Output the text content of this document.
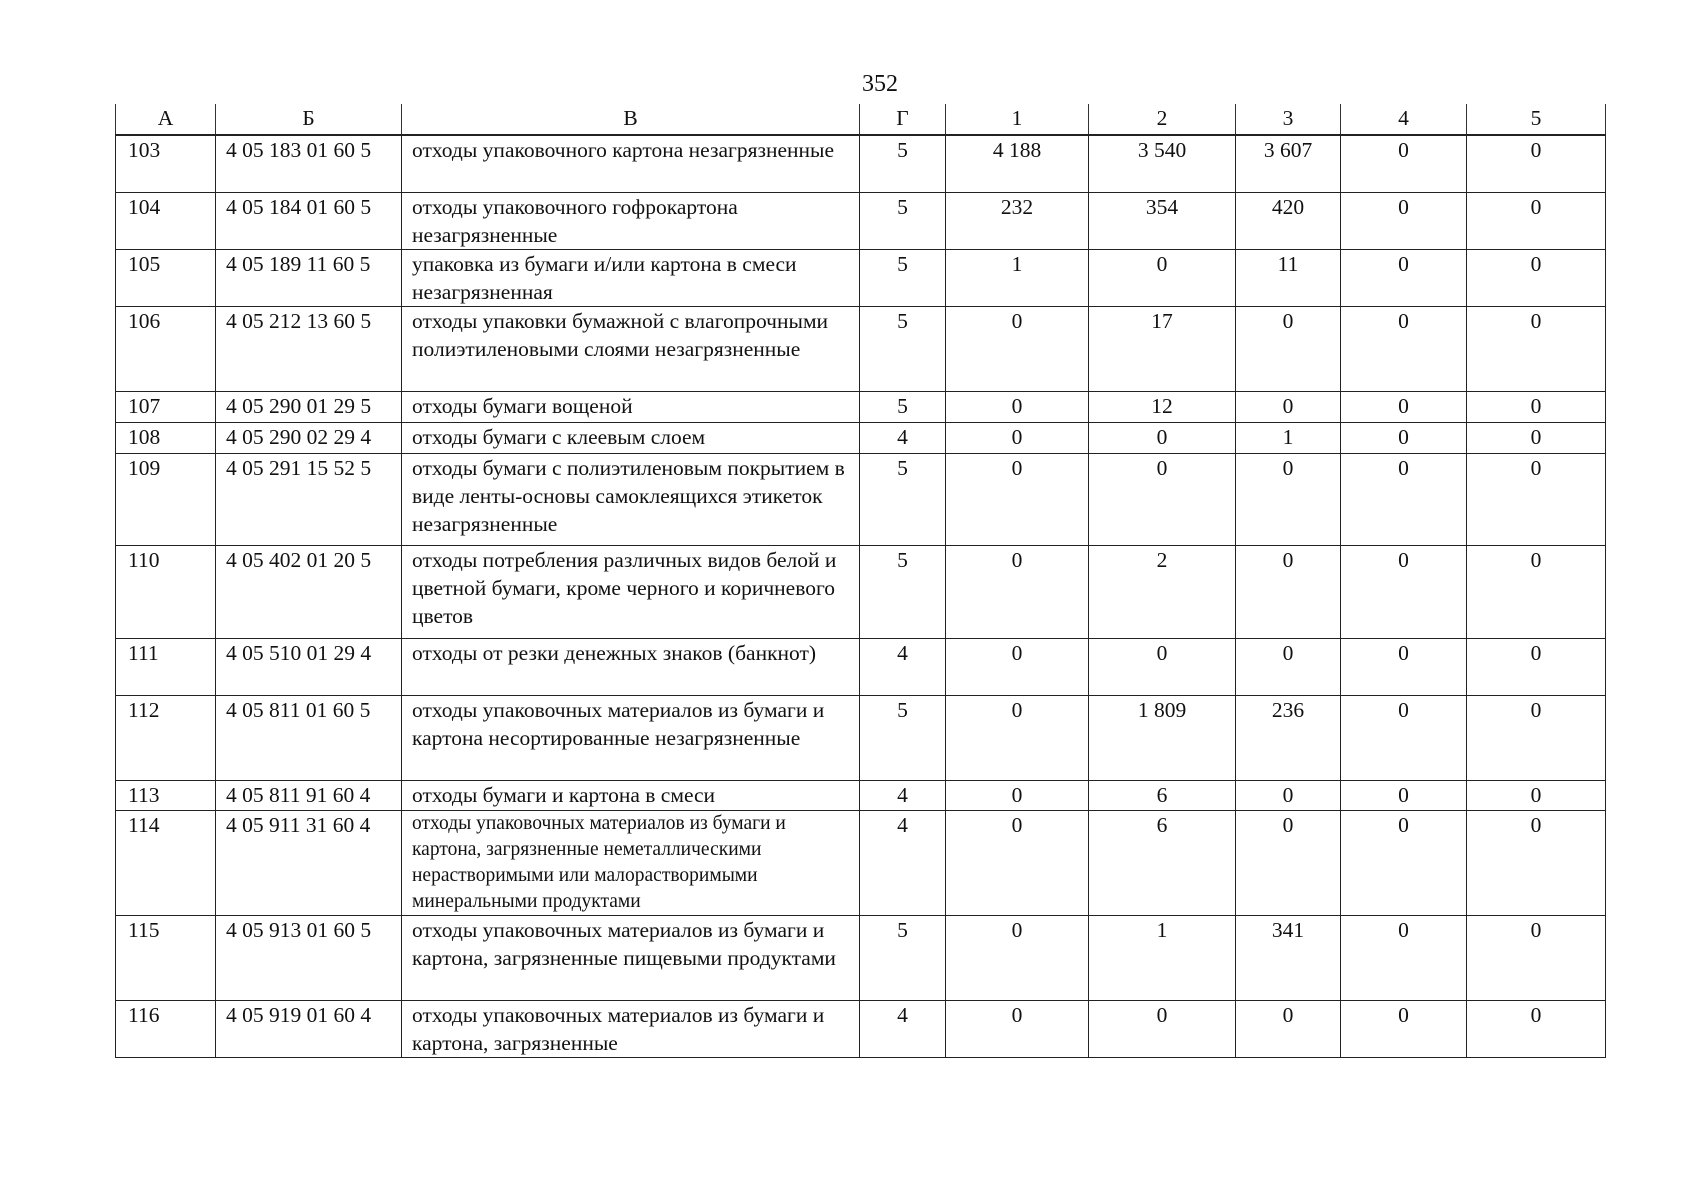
352
А	Б	В	Г	1	2	3	4	5
103	4 05 183 01 60 5	отходы упаковочного картона незагрязненные	5	4 188	3 540	3 607	0	0
104	4 05 184 01 60 5	отходы упаковочного гофрокартона незагрязненные	5	232	354	420	0	0
105	4 05 189 11 60 5	упаковка из бумаги и/или картона в смеси незагрязненная	5	1	0	11	0	0
106	4 05 212 13 60 5	отходы упаковки бумажной с влагопрочными полиэтиленовыми слоями незагрязненные	5	0	17	0	0	0
107	4 05 290 01 29 5	отходы бумаги вощеной	5	0	12	0	0	0
108	4 05 290 02 29 4	отходы бумаги с клеевым слоем	4	0	0	1	0	0
109	4 05 291 15 52 5	отходы бумаги с полиэтиленовым покрытием в виде ленты-основы самоклеящихся этикеток незагрязненные	5	0	0	0	0	0
110	4 05 402 01 20 5	отходы потребления различных видов белой и цветной бумаги, кроме черного и коричневого цветов	5	0	2	0	0	0
111	4 05 510 01 29 4	отходы от резки денежных знаков (банкнот)	4	0	0	0	0	0
112	4 05 811 01 60 5	отходы упаковочных материалов из бумаги и картона несортированные незагрязненные	5	0	1 809	236	0	0
113	4 05 811 91 60 4	отходы бумаги и картона в смеси	4	0	6	0	0	0
114	4 05 911 31 60 4	отходы упаковочных материалов из бумаги и картона, загрязненные неметаллическими нерастворимыми или малорастворимыми минеральными продуктами	4	0	6	0	0	0
115	4 05 913 01 60 5	отходы упаковочных материалов из бумаги и картона, загрязненные пищевыми продуктами	5	0	1	341	0	0
116	4 05 919 01 60 4	отходы упаковочных материалов из бумаги и картона, загрязненные	4	0	0	0	0	0
